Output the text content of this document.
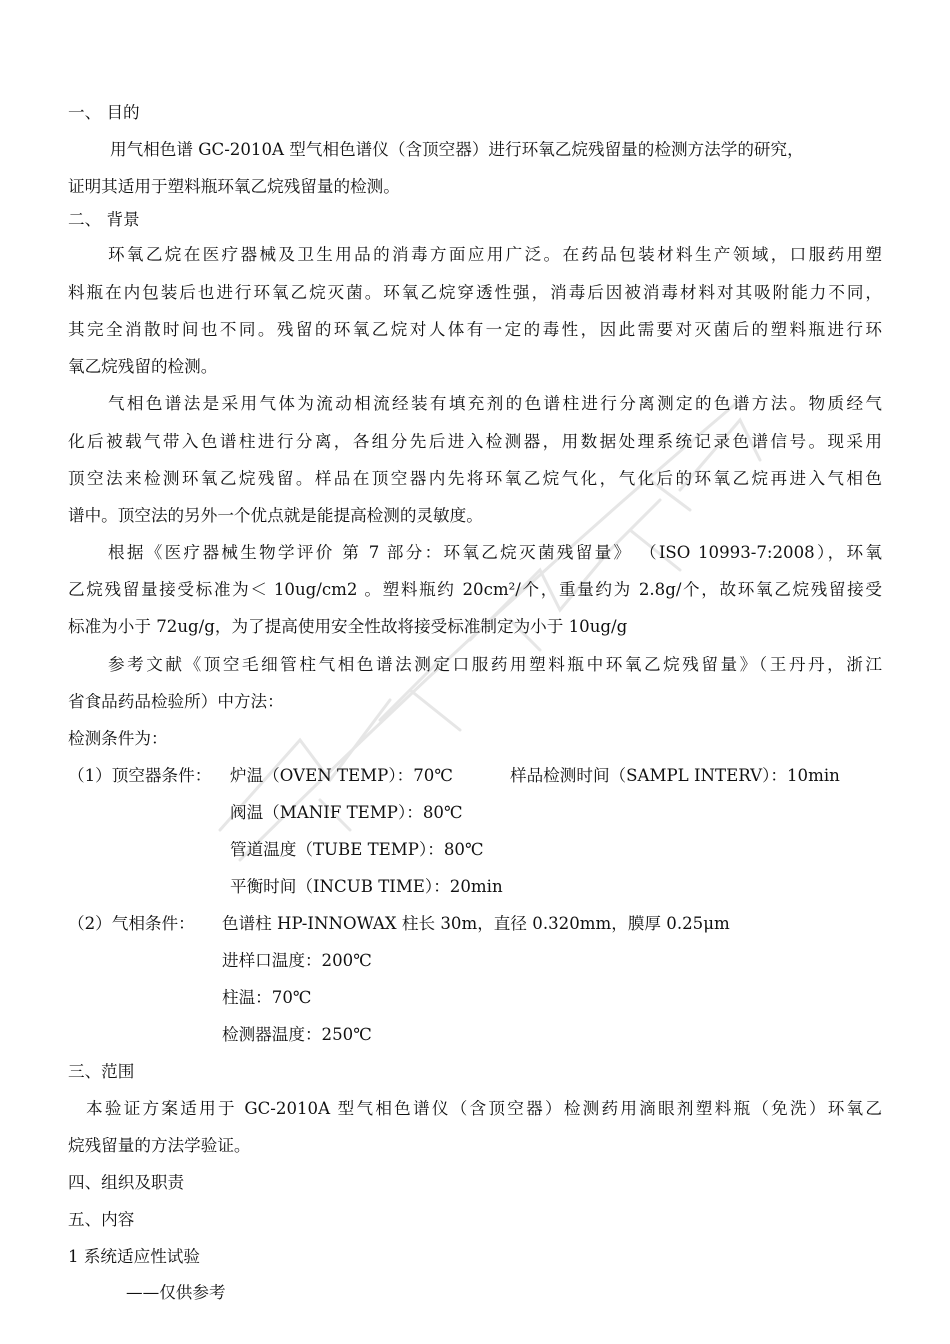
一、 目的
用气相色谱 GC-2010A 型气相色谱仪（含顶空器）进行环氧乙烷残留量的检测方法学的研究，
证明其适用于塑料瓶环氧乙烷残留量的检测。
二、 背景
环氧乙烷在医疗器械及卫生用品的消毒方面应用广泛。在药品包装材料生产领域，口服药用塑
料瓶在内包装后也进行环氧乙烷灭菌。环氧乙烷穿透性强，消毒后因被消毒材料对其吸附能力不同，
其完全消散时间也不同。残留的环氧乙烷对人体有一定的毒性，因此需要对灭菌后的塑料瓶进行环
氧乙烷残留的检测。
气相色谱法是采用气体为流动相流经装有填充剂的色谱柱进行分离测定的色谱方法。物质经气
化后被载气带入色谱柱进行分离，各组分先后进入检测器，用数据处理系统记录色谱信号。现采用
顶空法来检测环氧乙烷残留。样品在顶空器内先将环氧乙烷气化，气化后的环氧乙烷再进入气相色
谱中。顶空法的另外一个优点就是能提高检测的灵敏度。
根据《医疗器械生物学评价 第 7 部分：环氧乙烷灭菌残留量》 （ISO 10993-7:2008），环氧
乙烷残留量接受标准为＜ 10ug/cm2 。塑料瓶约 20cm²/个，重量约为 2.8g/个，故环氧乙烷残留接受
标准为小于 72ug/g，为了提高使用安全性故将接受标准制定为小于 10ug/g
参考文献《顶空毛细管柱气相色谱法测定口服药用塑料瓶中环氧乙烷残留量》（王丹丹，浙江
省食品药品检验所）中方法：
检测条件为：
（1）顶空器条件： 炉温（OVEN TEMP）：70℃	样品检测时间（SAMPL INTERV）：10min
阀温（MANIF TEMP）：80℃
管道温度（TUBE TEMP）：80℃
平衡时间（INCUB TIME）：20min
（2）气相条件： 色谱柱 HP-INNOWAX 柱长 30m，直径 0.320mm，膜厚 0.25μm
进样口温度：200℃
柱温：70℃
检测器温度：250℃
三、范围
本验证方案适用于 GC-2010A 型气相色谱仪（含顶空器）检测药用滴眼剂塑料瓶（免洗）环氧乙
烷残留量的方法学验证。
四、组织及职责
五、内容
1 系统适应性试验
——仅供参考
